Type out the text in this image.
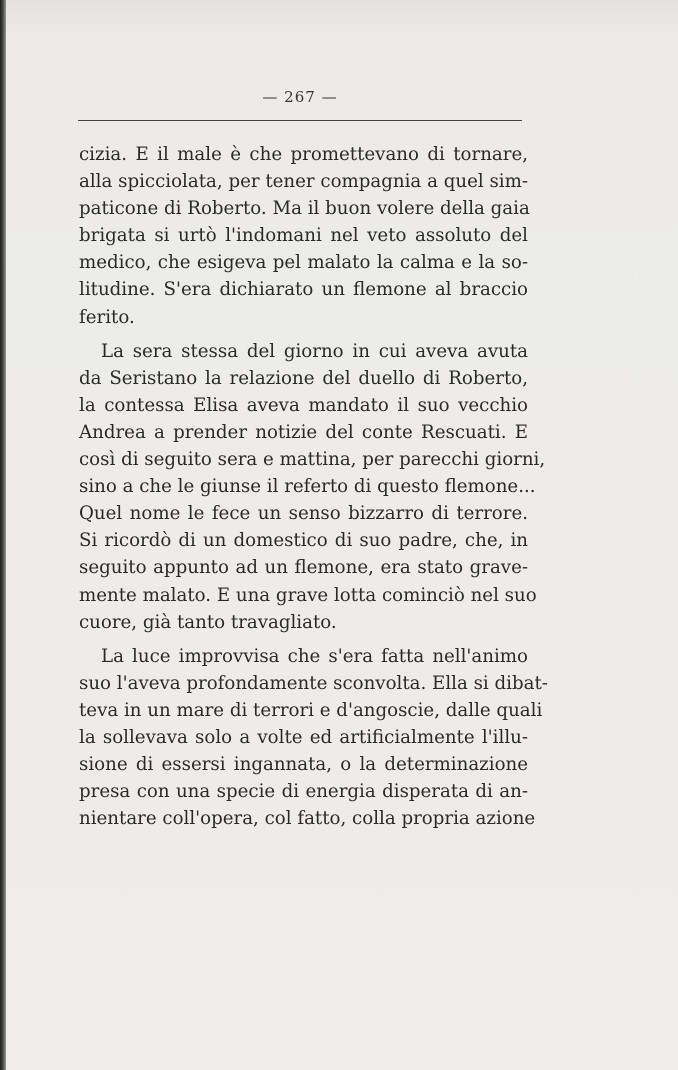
— 267 —
cizia. E il male è che promettevano di tornare,
alla spicciolata, per tener compagnia a quel sim-
paticone di Roberto. Ma il buon volere della gaia
brigata si urtò l'indomani nel veto assoluto del
medico, che esigeva pel malato la calma e la so-
litudine. S'era dichiarato un flemone al braccio
ferito.
La sera stessa del giorno in cui aveva avuta
da Seristano la relazione del duello di Roberto,
la contessa Elisa aveva mandato il suo vecchio
Andrea a prender notizie del conte Rescuati. E
così di seguito sera e mattina, per parecchi giorni,
sino a che le giunse il referto di questo flemone...
Quel nome le fece un senso bizzarro di terrore.
Si ricordò di un domestico di suo padre, che, in
seguito appunto ad un flemone, era stato grave-
mente malato. E una grave lotta cominciò nel suo
cuore, già tanto travagliato.
La luce improvvisa che s'era fatta nell'animo
suo l'aveva profondamente sconvolta. Ella si dibat-
teva in un mare di terrori e d'angoscie, dalle quali
la sollevava solo a volte ed artificialmente l'illu-
sione di essersi ingannata, o la determinazione
presa con una specie di energia disperata di an-
nientare coll'opera, col fatto, colla propria azione
